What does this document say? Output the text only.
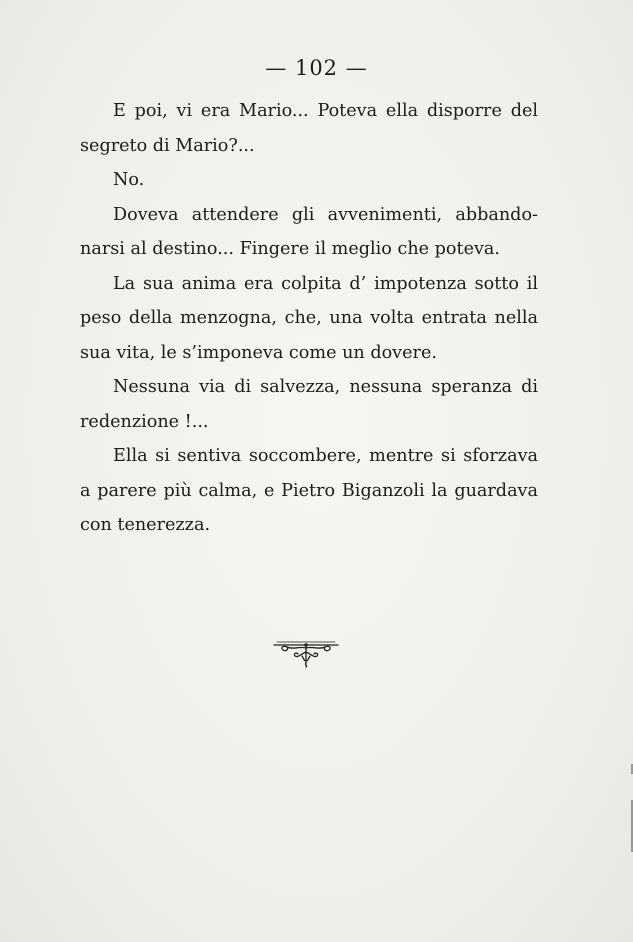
— 102 —

E poi, vi era Mario... Poteva ella disporre del segreto di Mario?...

No.

Doveva attendere gli avvenimenti, abbandonarsi al destino... Fingere il meglio che poteva.

La sua anima era colpita d’ impotenza sotto il peso della menzogna, che, una volta entrata nella sua vita, le s’imponeva come un dovere.

Nessuna via di salvezza, nessuna speranza di redenzione !...

Ella si sentiva soccombere, mentre si sforzava a parere più calma, e Pietro Biganzoli la guardava con tenerezza.
